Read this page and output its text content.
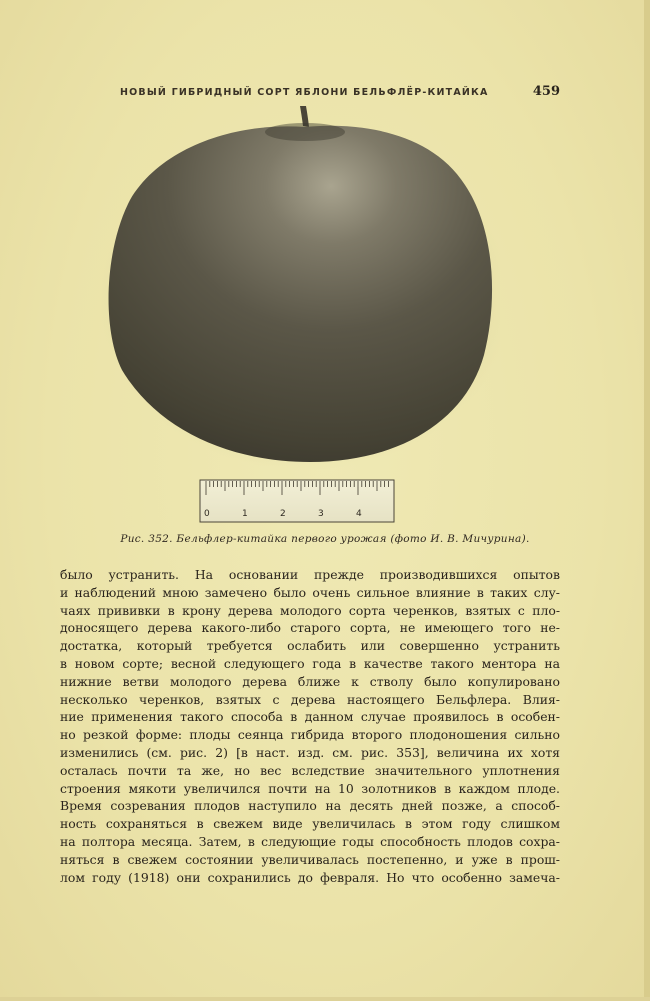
НОВЫЙ ГИБРИДНЫЙ СОРТ ЯБЛОНИ БЕЛЬФЛЁР-КИТАЙКА	459
0	1	2	3	4
Рис. 352. Бельфлер-китайка первого урожая (фото И. В. Мичурина).
было устранить. На основании прежде производившихся опытов
и наблюдений мною замечено было очень сильное влияние в таких слу-
чаях прививки в крону дерева молодого сорта черенков, взятых с пло-
доносящего дерева какого-либо старого сорта, не имеющего того не-
достатка, который требуется ослабить или совершенно устранить
в новом сорте; весной следующего года в качестве такого ментора на
нижние ветви молодого дерева ближе к стволу было копулировано
несколько черенков, взятых с дерева настоящего Бельфлера. Влия-
ние применения такого способа в данном случае проявилось в особен-
но резкой форме: плоды сеянца гибрида второго плодоношения сильно
изменились (см. рис. 2) [в наст. изд. см. рис. 353], величина их хотя
осталась почти та же, но вес вследствие значительного уплотнения
строения мякоти увеличился почти на 10 золотников в каждом плоде.
Время созревания плодов наступило на десять дней позже, а способ-
ность сохраняться в свежем виде увеличилась в этом году слишком
на полтора месяца. Затем, в следующие годы способность плодов сохра-
няться в свежем состоянии увеличивалась постепенно, и уже в прош-
лом году (1918) они сохранились до февраля. Но что особенно замеча-
